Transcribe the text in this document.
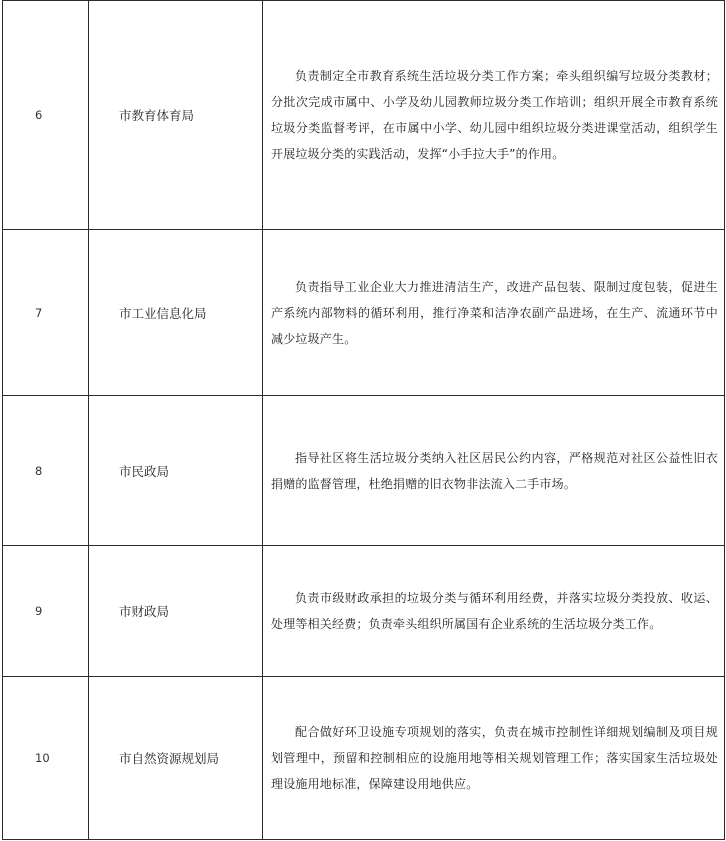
6	市教育体育局	负责制定全市教育系统生活垃圾分类工作方案；牵头组织编写垃圾分类教材；分批次完成市属中、小学及幼儿园教师垃圾分类工作培训；组织开展全市教育系统垃圾分类监督考评，在市属中小学、幼儿园中组织垃圾分类进课堂活动，组织学生开展垃圾分类的实践活动，发挥“小手拉大手”的作用。
7	市工业信息化局	负责指导工业企业大力推进清洁生产，改进产品包装、限制过度包装，促进生产系统内部物料的循环利用，推行净菜和洁净农副产品进场，在生产、流通环节中减少垃圾产生。
8	市民政局	指导社区将生活垃圾分类纳入社区居民公约内容，严格规范对社区公益性旧衣捐赠的监督管理，杜绝捐赠的旧衣物非法流入二手市场。
9	市财政局	负责市级财政承担的垃圾分类与循环利用经费，并落实垃圾分类投放、收运、处理等相关经费；负责牵头组织所属国有企业系统的生活垃圾分类工作。
10	市自然资源规划局	配合做好环卫设施专项规划的落实，负责在城市控制性详细规划编制及项目规划管理中，预留和控制相应的设施用地等相关规划管理工作；落实国家生活垃圾处理设施用地标准，保障建设用地供应。
